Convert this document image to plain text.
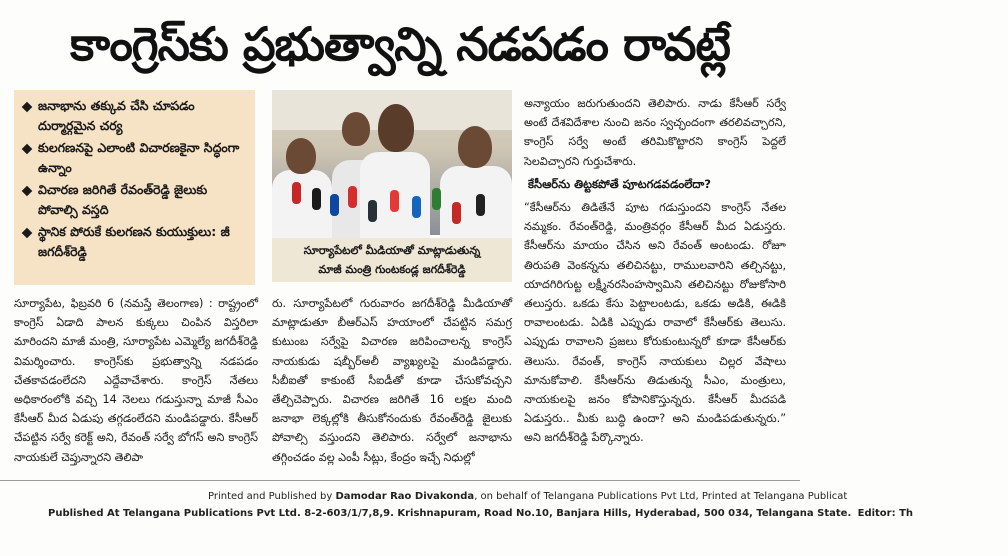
కాంగ్రెస్‌కు ప్రభుత్వాన్ని నడపడం రావట్లే
జనాభాను తక్కువ చేసి చూపడం దుర్మార్గమైన చర్య
కులగణనపై ఎలాంటి విచారణకైనా సిద్ధంగా ఉన్నాం
విచారణ జరిగితే రేవంత్‌రెడ్డి జైలుకు పోవాల్సి వస్తది
స్థానిక పోరుకే కులగణన కుయుక్తులు: జీ జగదీశ్‌రెడ్డి	సూర్యాపేటలో మీడియాతో మాట్లాడుతున్న
మాజీ మంత్రి గుంటకండ్ల జగదీశ్‌రెడ్డి
సూర్యాపేట, ఫిబ్రవరి 6 (నమస్తే తెలంగాణ) : రాష్ట్రంలో కాంగ్రెస్ ఏడాది పాలన కుక్కలు చింపిన విస్తరిలా మారిందని మాజీ మంత్రి, సూర్యాపేట ఎమ్మెల్యే జగదీశ్‌రెడ్డి విమర్శించారు. కాంగ్రెస్‌కు ప్రభుత్వాన్ని నడపడం చేతకావడంలేదని ఎద్దేవాచేశారు. కాంగ్రెస్ నేతలు అధికారంలోకి వచ్చి 14 నెలలు గడుస్తున్నా మాజీ సీఎం కేసీఆర్ మీద ఏడుపు తగ్గడంలేదని మండిపడ్డారు. కేసీఆర్ చేపట్టిన సర్వే కరెక్ట్ అని, రేవంత్ సర్వే బోగస్ అని కాంగ్రెస్ నాయకులే చెప్తున్నారని తెలిపా
రు. సూర్యాపేటలో గురువారం జగదీశ్‌రెడ్డి మీడియాతో మాట్లాడుతూ బీఆర్ఎస్ హయాంలో చేపట్టిన సమగ్ర కుటుంబ సర్వేపై విచారణ జరిపించాలన్న కాంగ్రెస్ నాయకుడు షబ్బీర్‌అలీ వ్యాఖ్యలపై మండిపడ్డారు. సీబీఐతో కాకుంటే సీఐడీతో కూడా చేసుకోవచ్చని తేల్చిచెప్పారు. విచారణ జరిగితే 16 లక్షల మంది జనాభా లెక్కల్లోకి తీసుకోనందుకు రేవంత్‌రెడ్డి జైలుకు పోవాల్సి వస్తుందని తెలిపారు. సర్వేలో జనాభాను తగ్గించడం వల్ల ఎంపీ సీట్లు, కేంద్రం ఇచ్చే నిధుల్లో
అన్యాయం జరుగుతుందని తెలిపారు. నాడు కేసీఆర్ సర్వే అంటే దేశవిదేశాల నుంచి జనం స్వచ్ఛందంగా తరలివచ్చారని, కాంగ్రెస్ సర్వే అంటే తరిమికొట్టారని కాంగ్రెస్ పెద్దలే సెలవిచ్చారని గుర్తుచేశారు.
కేసీఆర్‌ను తిట్టకపోతే పూటగడవడంలేదా?
“కేసీఆర్‌ను తిడితేనే పూట గడుస్తుందని కాంగ్రెస్ నేతల నమ్మకం. రేవంత్‌రెడ్డి, మంత్రివర్గం కేసీఆర్ మీద ఏడుస్తరు. కేసీఆర్‌ను మాయం చేసిన అని రేవంత్ అంటండు. రోజూ తిరుపతి వెంకన్నను తలిచినట్టు, రాములవారిని తల్చినట్టు, యాదగిరిగుట్ట లక్ష్మీనరసింహస్వామిని తలిచినట్టు రోజుకోసారి తలుస్తరు. ఒకడు కేసు పెట్టాలంటడు, ఒకడు అడికి, ఈడికి రావాలంటడు. ఏడికి ఎప్పుడు రావాలో కేసీఆర్‌కు తెలుసు. ఎప్పుడు రావాలని ప్రజలు కోరుకుంటున్నరో కూడా కేసీఆర్‌కు తెలుసు. రేవంత్, కాంగ్రెస్ నాయకులు చిల్లర వేషాలు మానుకోవాలి. కేసీఆర్‌ను తిడుతున్న సీఎం, మంత్రులు, నాయకులపై జనం కోపానికొస్తున్నరు. కేసీఆర్ మీదపడి ఏడుస్తరు.. మీకు బుద్ధి ఉందా? అని మండిపడుతున్నరు.” అని జగదీశ్‌రెడ్డి పేర్కొన్నారు.
Printed and Published by Damodar Rao Divakonda, on behalf of Telangana Publications Pvt Ltd, Printed at Telangana Publicat
Published At Telangana Publications Pvt Ltd. 8-2-603/1/7,8,9. Krishnapuram, Road No.10, Banjara Hills, Hyderabad, 500 034, Telangana State. Editor: Th
